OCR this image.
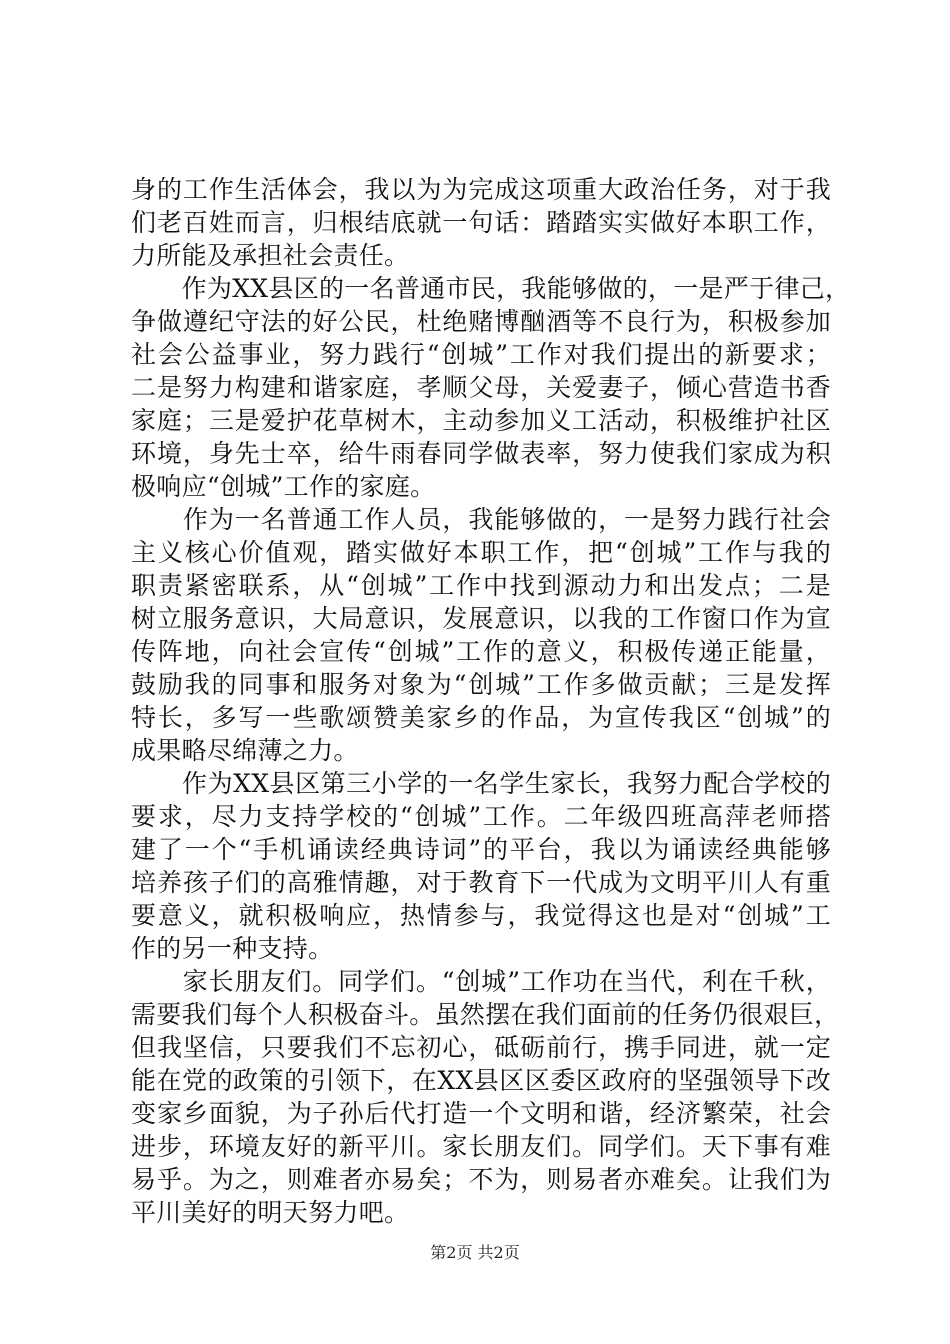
身的工作生活体会，我以为为完成这项重大政治任务，对于我
们老百姓而言，归根结底就一句话：踏踏实实做好本职工作，
力所能及承担社会责任。
　　作为XX县区的一名普通市民，我能够做的，一是严于律己，
争做遵纪守法的好公民，杜绝赌博酗酒等不良行为，积极参加
社会公益事业，努力践行“创城”工作对我们提出的新要求；
二是努力构建和谐家庭，孝顺父母，关爱妻子，倾心营造书香
家庭；三是爱护花草树木，主动参加义工活动，积极维护社区
环境，身先士卒，给牛雨春同学做表率，努力使我们家成为积
极响应“创城”工作的家庭。
　　作为一名普通工作人员，我能够做的，一是努力践行社会
主义核心价值观，踏实做好本职工作，把“创城”工作与我的
职责紧密联系，从“创城”工作中找到源动力和出发点；二是
树立服务意识，大局意识，发展意识，以我的工作窗口作为宣
传阵地，向社会宣传“创城”工作的意义，积极传递正能量，
鼓励我的同事和服务对象为“创城”工作多做贡献；三是发挥
特长，多写一些歌颂赞美家乡的作品，为宣传我区“创城”的
成果略尽绵薄之力。
　　作为XX县区第三小学的一名学生家长，我努力配合学校的
要求，尽力支持学校的“创城”工作。二年级四班高萍老师搭
建了一个“手机诵读经典诗词”的平台，我以为诵读经典能够
培养孩子们的高雅情趣，对于教育下一代成为文明平川人有重
要意义，就积极响应，热情参与，我觉得这也是对“创城”工
作的另一种支持。
　　家长朋友们。同学们。“创城”工作功在当代，利在千秋，
需要我们每个人积极奋斗。虽然摆在我们面前的任务仍很艰巨，
但我坚信，只要我们不忘初心，砥砺前行，携手同进，就一定
能在党的政策的引领下，在XX县区区委区政府的坚强领导下改
变家乡面貌，为子孙后代打造一个文明和谐，经济繁荣，社会
进步，环境友好的新平川。家长朋友们。同学们。天下事有难
易乎。为之，则难者亦易矣；不为，则易者亦难矣。让我们为
平川美好的明天努力吧。
第2页 共2页
